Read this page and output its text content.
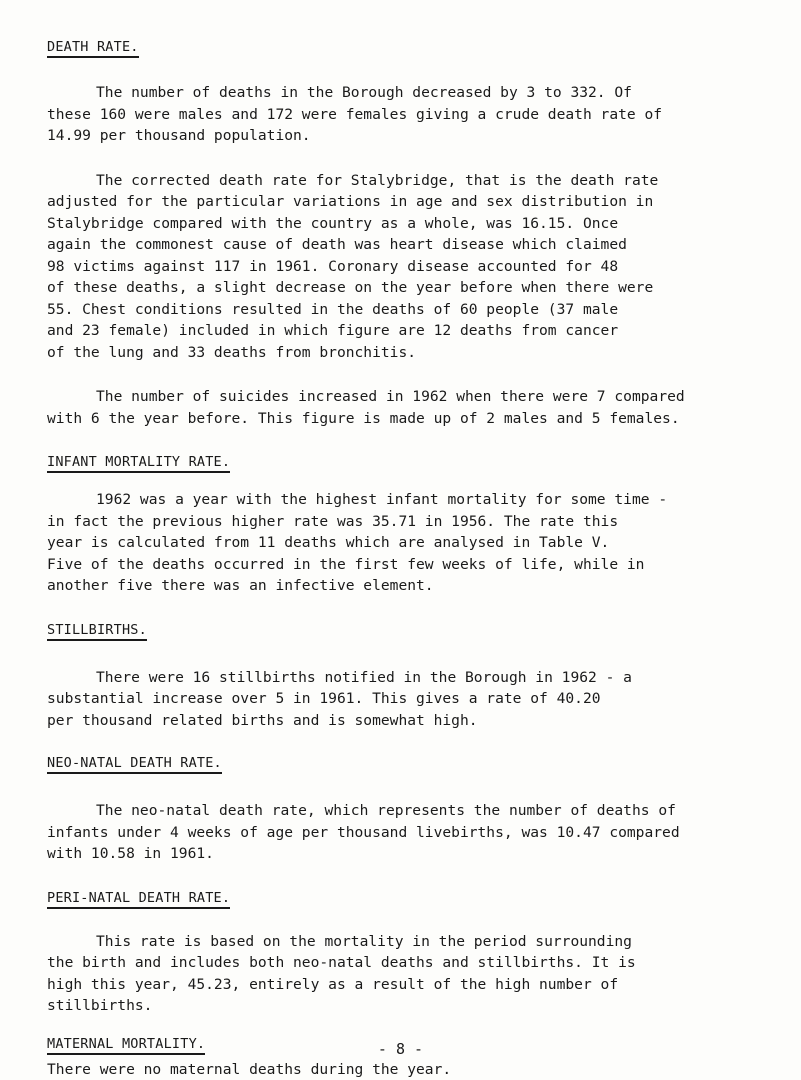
DEATH RATE.

The number of deaths in the Borough decreased by 3 to 332. Of
these 160 were males and 172 were females giving a crude death rate of
14.99 per thousand population.

The corrected death rate for Stalybridge, that is the death rate
adjusted for the particular variations in age and sex distribution in
Stalybridge compared with the country as a whole, was 16.15. Once
again the commonest cause of death was heart disease which claimed
98 victims against 117 in 1961. Coronary disease accounted for 48
of these deaths, a slight decrease on the year before when there were
55. Chest conditions resulted in the deaths of 60 people (37 male
and 23 female) included in which figure are 12 deaths from cancer
of the lung and 33 deaths from bronchitis.

The number of suicides increased in 1962 when there were 7 compared
with 6 the year before. This figure is made up of 2 males and 5 females.

INFANT MORTALITY RATE.

1962 was a year with the highest infant mortality for some time -
in fact the previous higher rate was 35.71 in 1956. The rate this
year is calculated from 11 deaths which are analysed in Table V.
Five of the deaths occurred in the first few weeks of life, while in
another five there was an infective element.

STILLBIRTHS.

There were 16 stillbirths notified in the Borough in 1962 - a
substantial increase over 5 in 1961. This gives a rate of 40.20
per thousand related births and is somewhat high.

NEO-NATAL DEATH RATE.

The neo-natal death rate, which represents the number of deaths of
infants under 4 weeks of age per thousand livebirths, was 10.47 compared
with 10.58 in 1961.

PERI-NATAL DEATH RATE.

This rate is based on the mortality in the period surrounding
the birth and includes both neo-natal deaths and stillbirths. It is
high this year, 45.23, entirely as a result of the high number of
stillbirths.

MATERNAL MORTALITY.

There were no maternal deaths during the year.

- 8 -
